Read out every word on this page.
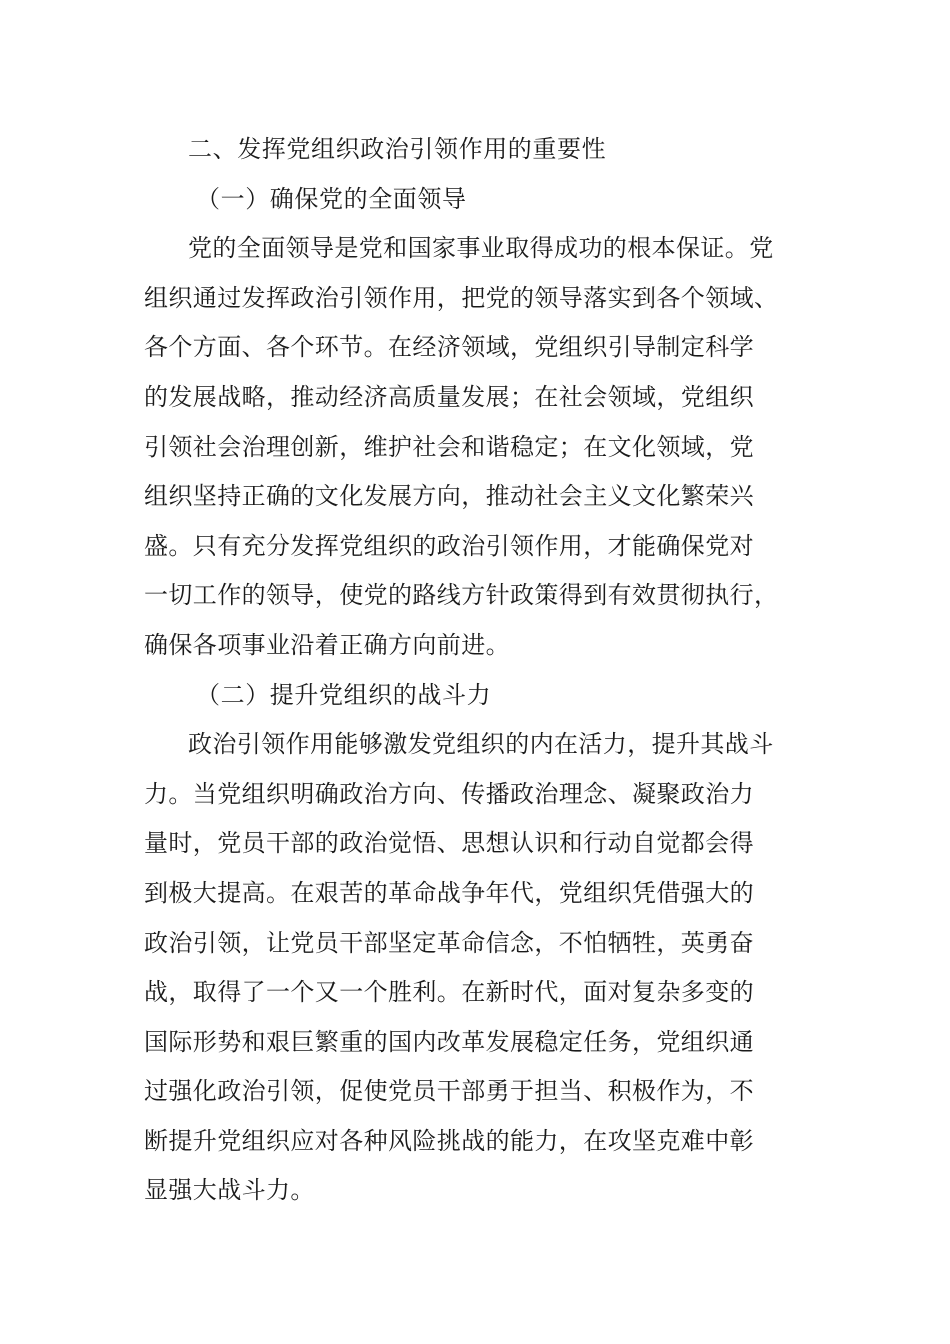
二、发挥党组织政治引领作用的重要性
（一）确保党的全面领导
党的全面领导是党和国家事业取得成功的根本保证。党
组织通过发挥政治引领作用，把党的领导落实到各个领域、
各个方面、各个环节。在经济领域，党组织引导制定科学
的发展战略，推动经济高质量发展；在社会领域，党组织
引领社会治理创新，维护社会和谐稳定；在文化领域，党
组织坚持正确的文化发展方向，推动社会主义文化繁荣兴
盛。只有充分发挥党组织的政治引领作用，才能确保党对
一切工作的领导，使党的路线方针政策得到有效贯彻执行，
确保各项事业沿着正确方向前进。
（二）提升党组织的战斗力
政治引领作用能够激发党组织的内在活力，提升其战斗
力。当党组织明确政治方向、传播政治理念、凝聚政治力
量时，党员干部的政治觉悟、思想认识和行动自觉都会得
到极大提高。在艰苦的革命战争年代，党组织凭借强大的
政治引领，让党员干部坚定革命信念，不怕牺牲，英勇奋
战，取得了一个又一个胜利。在新时代，面对复杂多变的
国际形势和艰巨繁重的国内改革发展稳定任务，党组织通
过强化政治引领，促使党员干部勇于担当、积极作为，不
断提升党组织应对各种风险挑战的能力，在攻坚克难中彰
显强大战斗力。
